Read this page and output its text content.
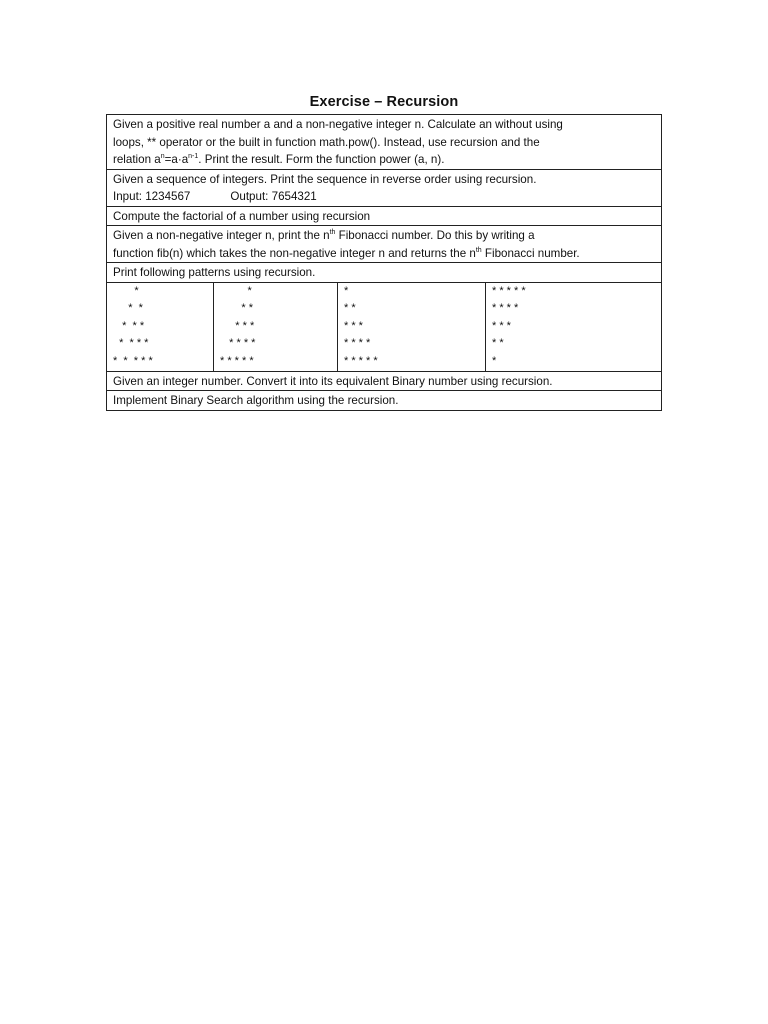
Exercise – Recursion
Given a positive real number a and a non-negative integer n. Calculate an without using
loops, ** operator or the built in function math.pow(). Instead, use recursion and the
relation $a^n=a\cdot a^{n-1}$. Print the result. Form the function power (a, n).
Given a sequence of integers. Print the sequence in reverse order using recursion.
Input: 1234567	Output: 7654321
Compute the factorial of a number using recursion
Given a non-negative integer n, print the $n^{th}$ Fibonacci number. Do this by writing a
function fib(n) which takes the non-negative integer n and returns the $n^{th}$ Fibonacci number.
Print following patterns using recursion.
*
*  *
*  * *
*  * * *
*  *  * * *
*
* *
* * *
* * * *
* * * * *
*
* *
* * *
* * * *
* * * * *
* * * * *
* * * *
* * *
* *
*
Given an integer number. Convert it into its equivalent Binary number using recursion.
Implement Binary Search algorithm using the recursion.
